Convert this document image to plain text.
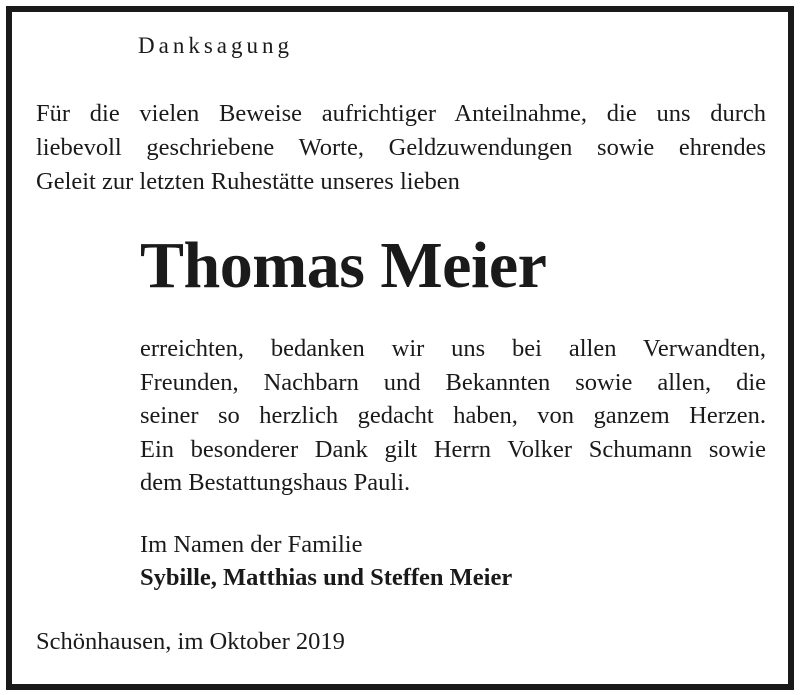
Danksagung
Für die vielen Beweise aufrichtiger Anteilnahme, die uns durch
liebevoll geschriebene Worte, Geldzuwendungen sowie ehrendes
Geleit zur letzten Ruhestätte unseres lieben
Thomas Meier
erreichten, bedanken wir uns bei allen Verwandten,
Freunden, Nachbarn und Bekannten sowie allen, die
seiner so herzlich gedacht haben, von ganzem Herzen.
Ein besonderer Dank gilt Herrn Volker Schumann sowie
dem Bestattungshaus Pauli.
Im Namen der Familie
Sybille, Matthias und Steffen Meier
Schönhausen, im Oktober 2019
